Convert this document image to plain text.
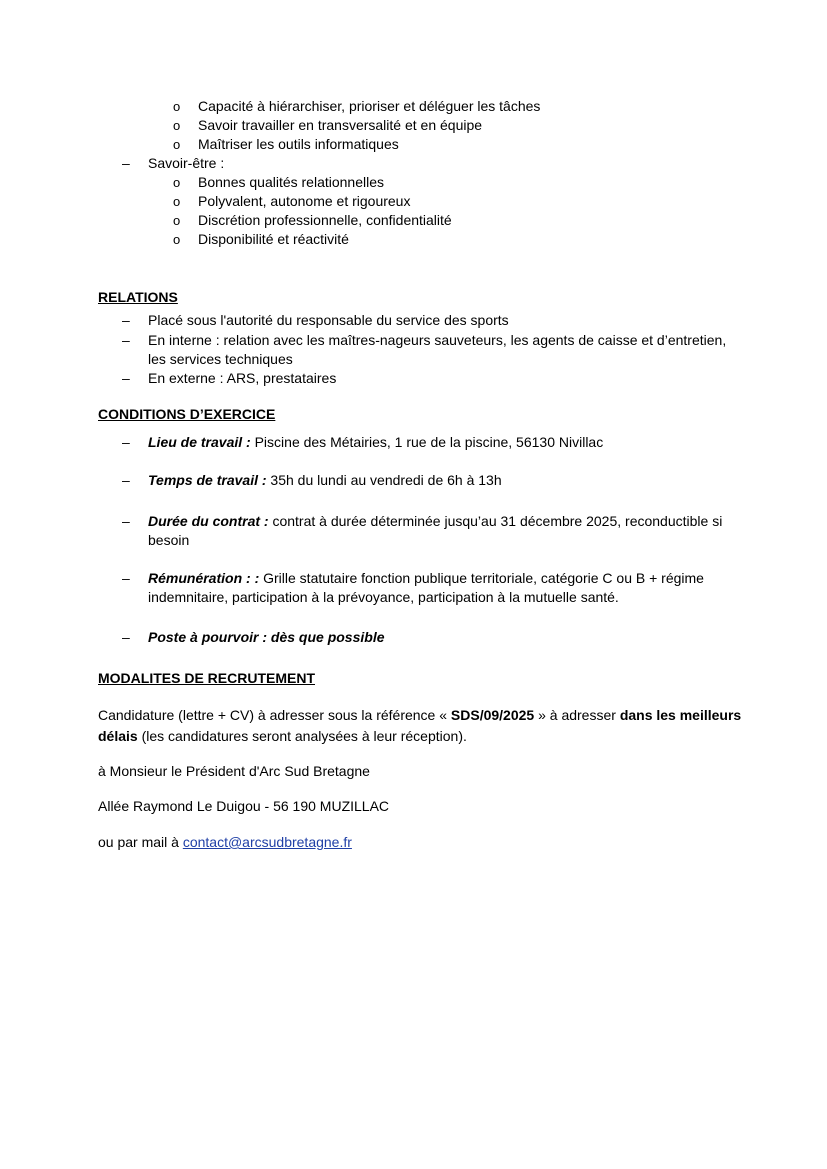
o Capacité à hiérarchiser, prioriser et déléguer les tâches
o Savoir travailler en transversalité et en équipe
o Maîtriser les outils informatiques
– Savoir-être :
o Bonnes qualités relationnelles
o Polyvalent, autonome et rigoureux
o Discrétion professionnelle, confidentialité
o Disponibilité et réactivité
RELATIONS
– Placé sous l'autorité du responsable du service des sports
– En interne : relation avec les maîtres-nageurs sauveteurs, les agents de caisse et d’entretien,
les services techniques
– En externe : ARS, prestataires
CONDITIONS D’EXERCICE
– Lieu de travail : Piscine des Métairies, 1 rue de la piscine, 56130 Nivillac
– Temps de travail : 35h du lundi au vendredi de 6h à 13h
– Durée du contrat : contrat à durée déterminée jusqu’au 31 décembre 2025, reconductible si
besoin
– Rémunération : : Grille statutaire fonction publique territoriale, catégorie C ou B + régime
indemnitaire, participation à la prévoyance, participation à la mutuelle santé.
– Poste à pourvoir : dès que possible
MODALITES DE RECRUTEMENT
Candidature (lettre + CV) à adresser sous la référence « SDS/09/2025 » à adresser dans les meilleurs
délais (les candidatures seront analysées à leur réception).
à Monsieur le Président d'Arc Sud Bretagne
Allée Raymond Le Duigou - 56 190 MUZILLAC
ou par mail à contact@arcsudbretagne.fr
